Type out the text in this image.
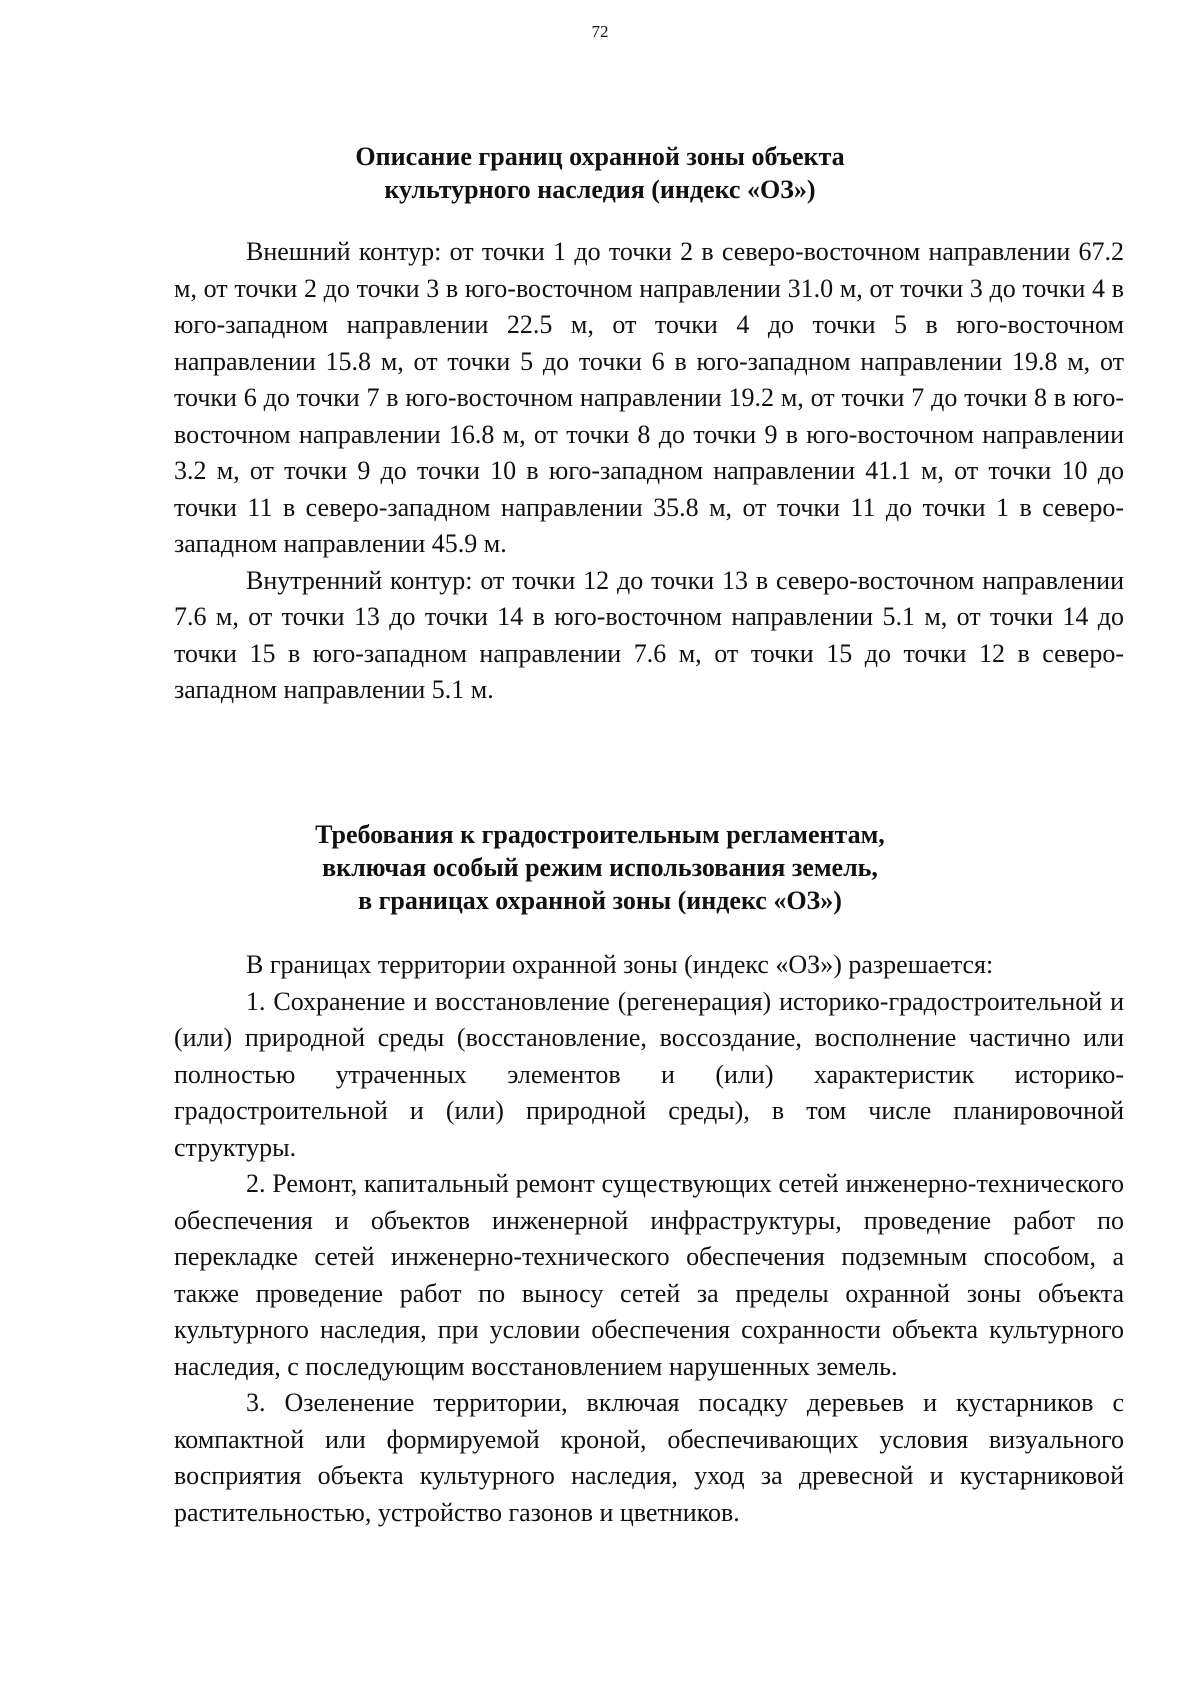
72
Описание границ охранной зоны объекта
культурного наследия (индекс «ОЗ»)

Внешний контур: от точки 1 до точки 2 в северо-восточном направлении 67.2 м, от точки 2 до точки 3 в юго-восточном направлении 31.0 м, от точки 3 до точки 4 в юго-западном направлении 22.5 м, от точки 4 до точки 5 в юго-восточном направлении 15.8 м, от точки 5 до точки 6 в юго-западном направлении 19.8 м, от точки 6 до точки 7 в юго-восточном направлении 19.2 м, от точки 7 до точки 8 в юго-восточном направлении 16.8 м, от точки 8 до точки 9 в юго-восточном направлении 3.2 м, от точки 9 до точки 10 в юго-западном направлении 41.1 м, от точки 10 до точки 11 в северо-западном направлении 35.8 м, от точки 11 до точки 1 в северо-западном направлении 45.9 м.

Внутренний контур: от точки 12 до точки 13 в северо-восточном направлении 7.6 м, от точки 13 до точки 14 в юго-восточном направлении 5.1 м, от точки 14 до точки 15 в юго-западном направлении 7.6 м, от точки 15 до точки 12 в северо-западном направлении 5.1 м.

Требования к градостроительным регламентам,
включая особый режим использования земель,
в границах охранной зоны (индекс «ОЗ»)

В границах территории охранной зоны (индекс «ОЗ») разрешается:

1. Сохранение и восстановление (регенерация) историко-градостроительной и (или) природной среды (восстановление, воссоздание, восполнение частично или полностью утраченных элементов и (или) характеристик историко-градостроительной и (или) природной среды), в том числе планировочной структуры.

2. Ремонт, капитальный ремонт существующих сетей инженерно-технического обеспечения и объектов инженерной инфраструктуры, проведение работ по перекладке сетей инженерно-технического обеспечения подземным способом, а также проведение работ по выносу сетей за пределы охранной зоны объекта культурного наследия, при условии обеспечения сохранности объекта культурного наследия, с последующим восстановлением нарушенных земель.

3. Озеленение территории, включая посадку деревьев и кустарников с компактной или формируемой кроной, обеспечивающих условия визуального восприятия объекта культурного наследия, уход за древесной и кустарниковой растительностью, устройство газонов и цветников.
